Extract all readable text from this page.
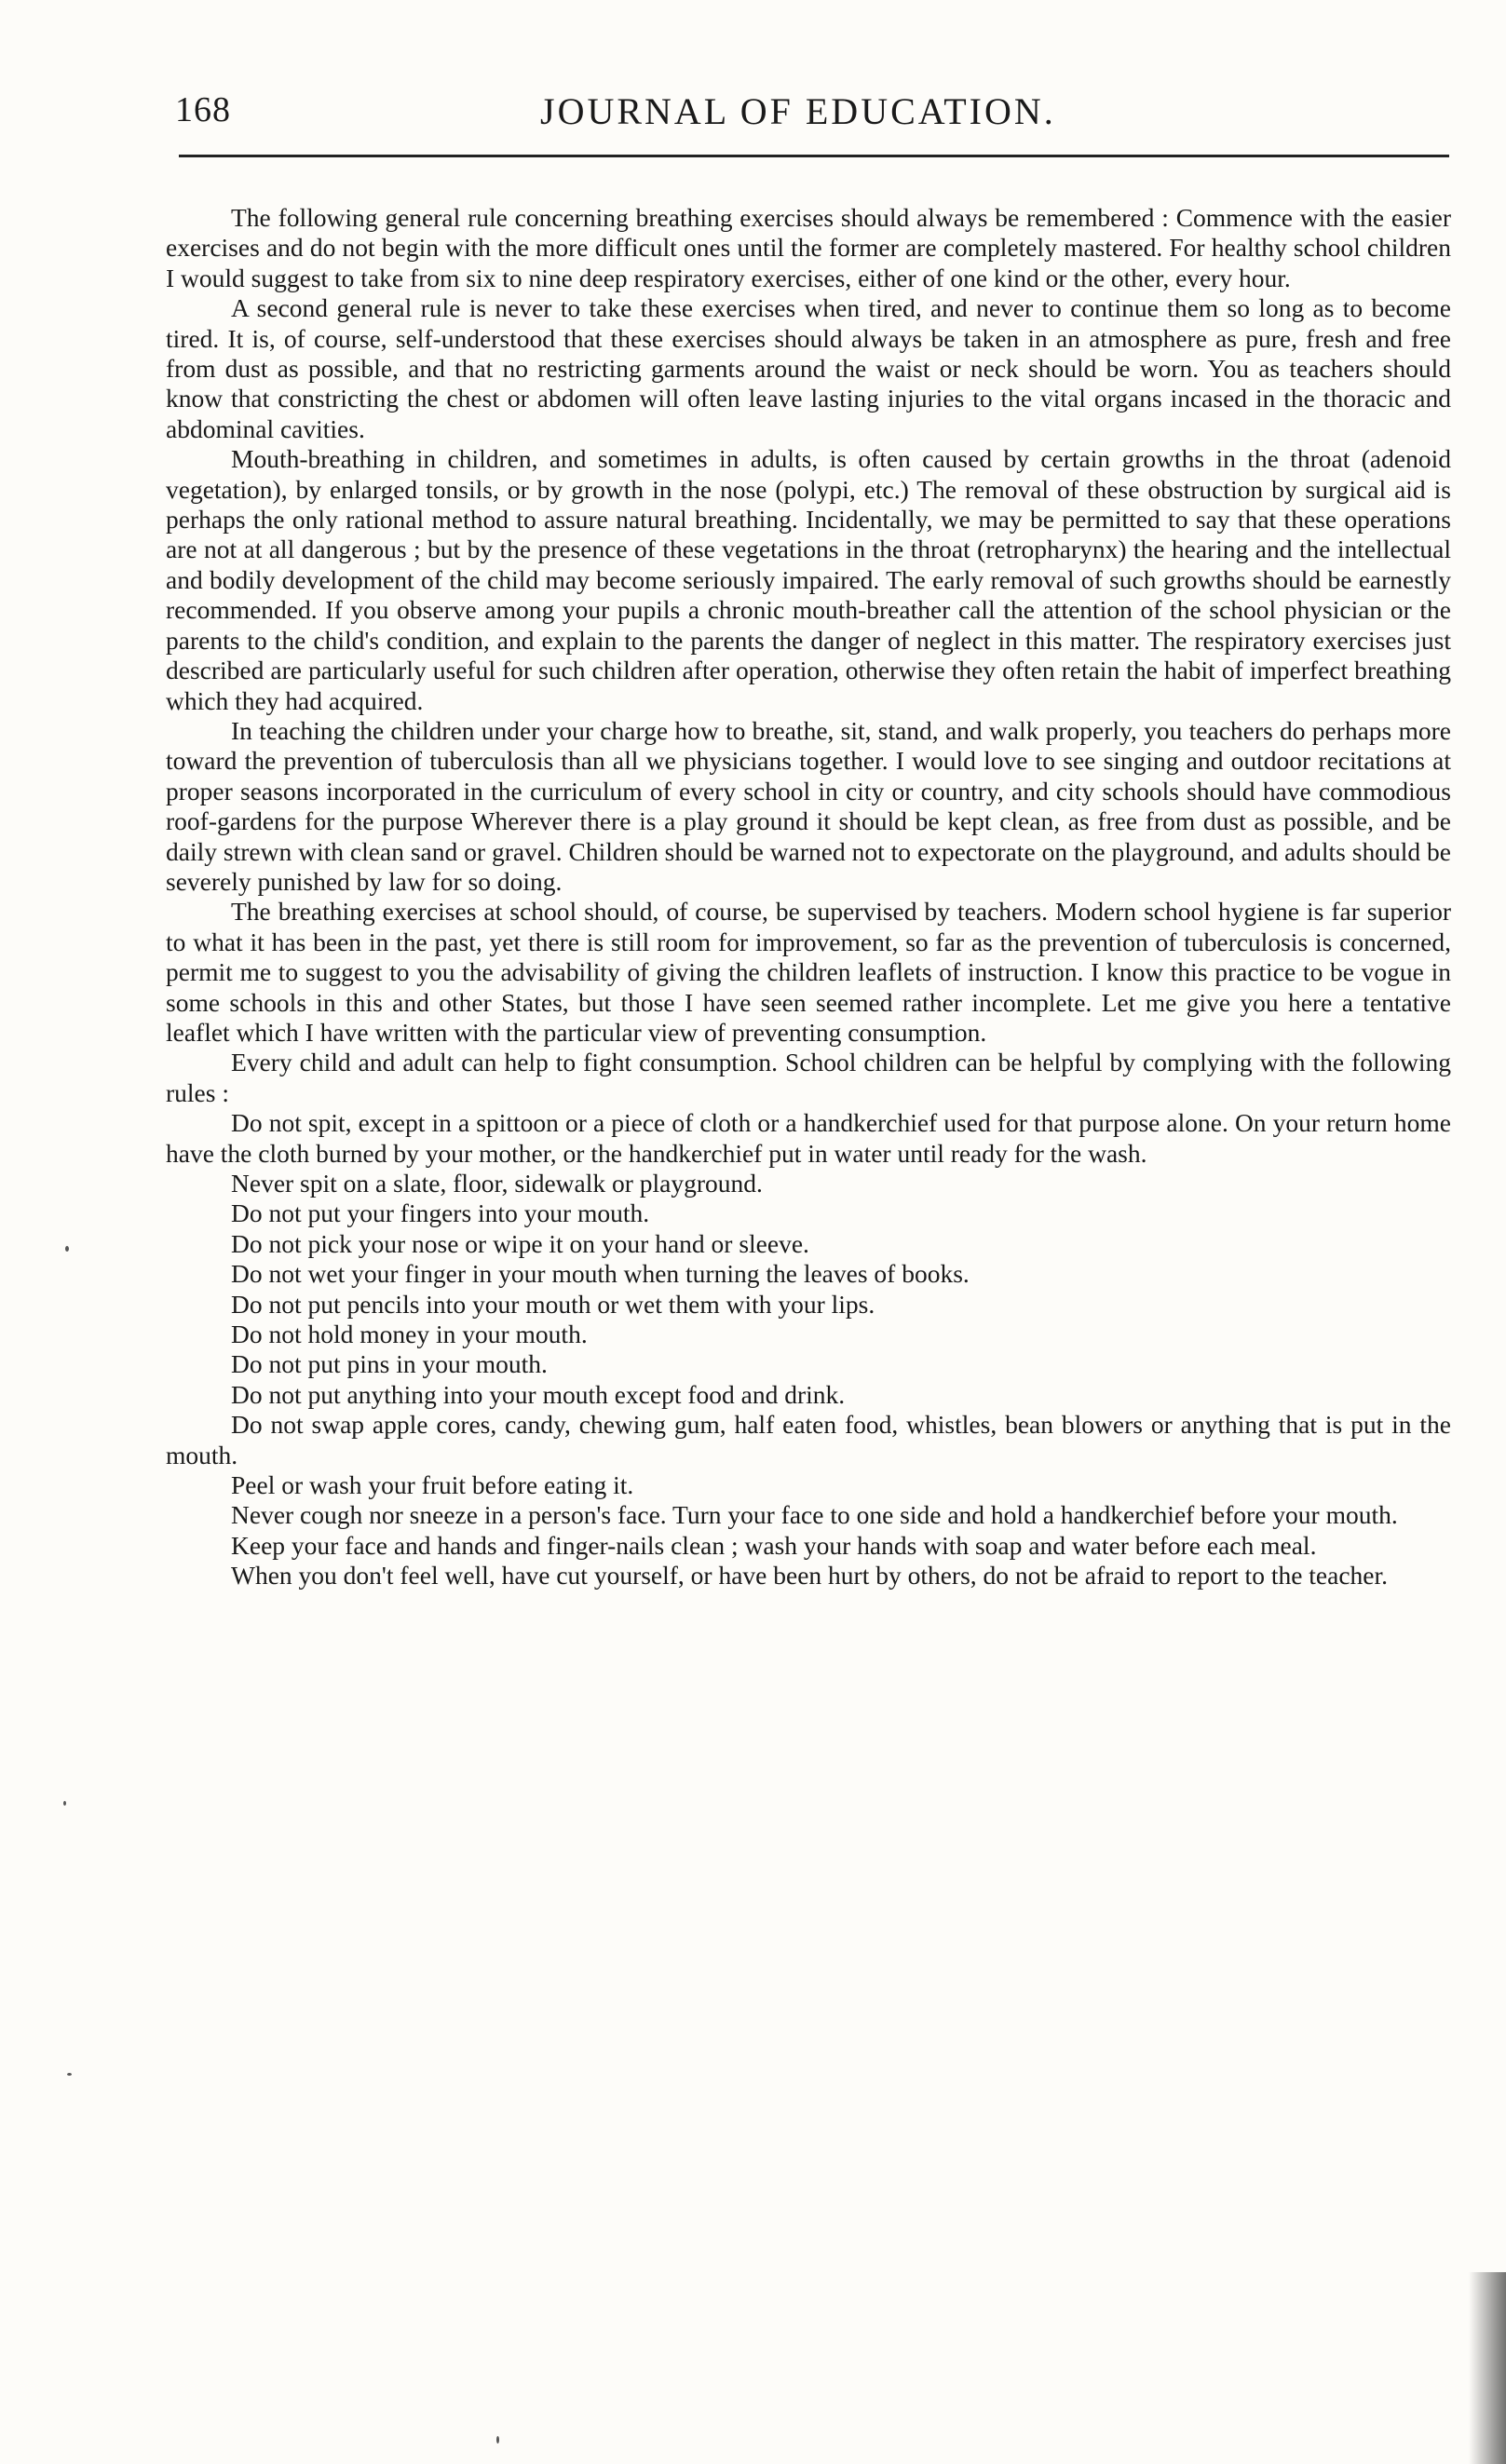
168	JOURNAL OF EDUCATION.

The following general rule concerning breathing exercises should always be remembered : Commence with the easier exercises and do not begin with the more difficult ones until the former are completely mastered. For healthy school children I would suggest to take from six to nine deep respiratory exercises, either of one kind or the other, every hour.

A second general rule is never to take these exercises when tired, and never to continue them so long as to become tired. It is, of course, self-understood that these exercises should always be taken in an atmosphere as pure, fresh and free from dust as possible, and that no restricting garments around the waist or neck should be worn. You as teachers should know that constricting the chest or abdomen will often leave lasting injuries to the vital organs incased in the thoracic and abdominal cavities.

Mouth-breathing in children, and sometimes in adults, is often caused by certain growths in the throat (adenoid vegetation), by enlarged tonsils, or by growth in the nose (polypi, etc.) The removal of these obstruction by surgical aid is perhaps the only rational method to assure natural breathing. Incidentally, we may be permitted to say that these operations are not at all dangerous ; but by the presence of these vegetations in the throat (retropharynx) the hearing and the intellectual and bodily development of the child may become seriously impaired. The early removal of such growths should be earnestly recommended. If you observe among your pupils a chronic mouth-breather call the attention of the school physician or the parents to the child's condition, and explain to the parents the danger of neglect in this matter. The respiratory exercises just described are particularly useful for such children after operation, otherwise they often retain the habit of imperfect breathing which they had acquired.

In teaching the children under your charge how to breathe, sit, stand, and walk properly, you teachers do perhaps more toward the prevention of tuberculosis than all we physicians together. I would love to see singing and outdoor recitations at proper seasons incorporated in the curriculum of every school in city or country, and city schools should have commodious roof-gardens for the purpose Wherever there is a play ground it should be kept clean, as free from dust as possible, and be daily strewn with clean sand or gravel. Children should be warned not to expectorate on the playground, and adults should be severely punished by law for so doing.

The breathing exercises at school should, of course, be supervised by teachers. Modern school hygiene is far superior to what it has been in the past, yet there is still room for improvement, so far as the prevention of tuberculosis is concerned, permit me to suggest to you the advisability of giving the children leaflets of instruction. I know this practice to be vogue in some schools in this and other States, but those I have seen seemed rather incomplete. Let me give you here a tentative leaflet which I have written with the particular view of preventing consumption.

Every child and adult can help to fight consumption. School children can be helpful by complying with the following rules :

Do not spit, except in a spittoon or a piece of cloth or a handkerchief used for that purpose alone. On your return home have the cloth burned by your mother, or the handkerchief put in water until ready for the wash.

Never spit on a slate, floor, sidewalk or playground.

Do not put your fingers into your mouth.

Do not pick your nose or wipe it on your hand or sleeve.

Do not wet your finger in your mouth when turning the leaves of books.

Do not put pencils into your mouth or wet them with your lips.

Do not hold money in your mouth.

Do not put pins in your mouth.

Do not put anything into your mouth except food and drink.

Do not swap apple cores, candy, chewing gum, half eaten food, whistles, bean blowers or anything that is put in the mouth.

Peel or wash your fruit before eating it.

Never cough nor sneeze in a person's face. Turn your face to one side and hold a handkerchief before your mouth.

Keep your face and hands and finger-nails clean ; wash your hands with soap and water before each meal.

When you don't feel well, have cut yourself, or have been hurt by others, do not be afraid to report to the teacher.
